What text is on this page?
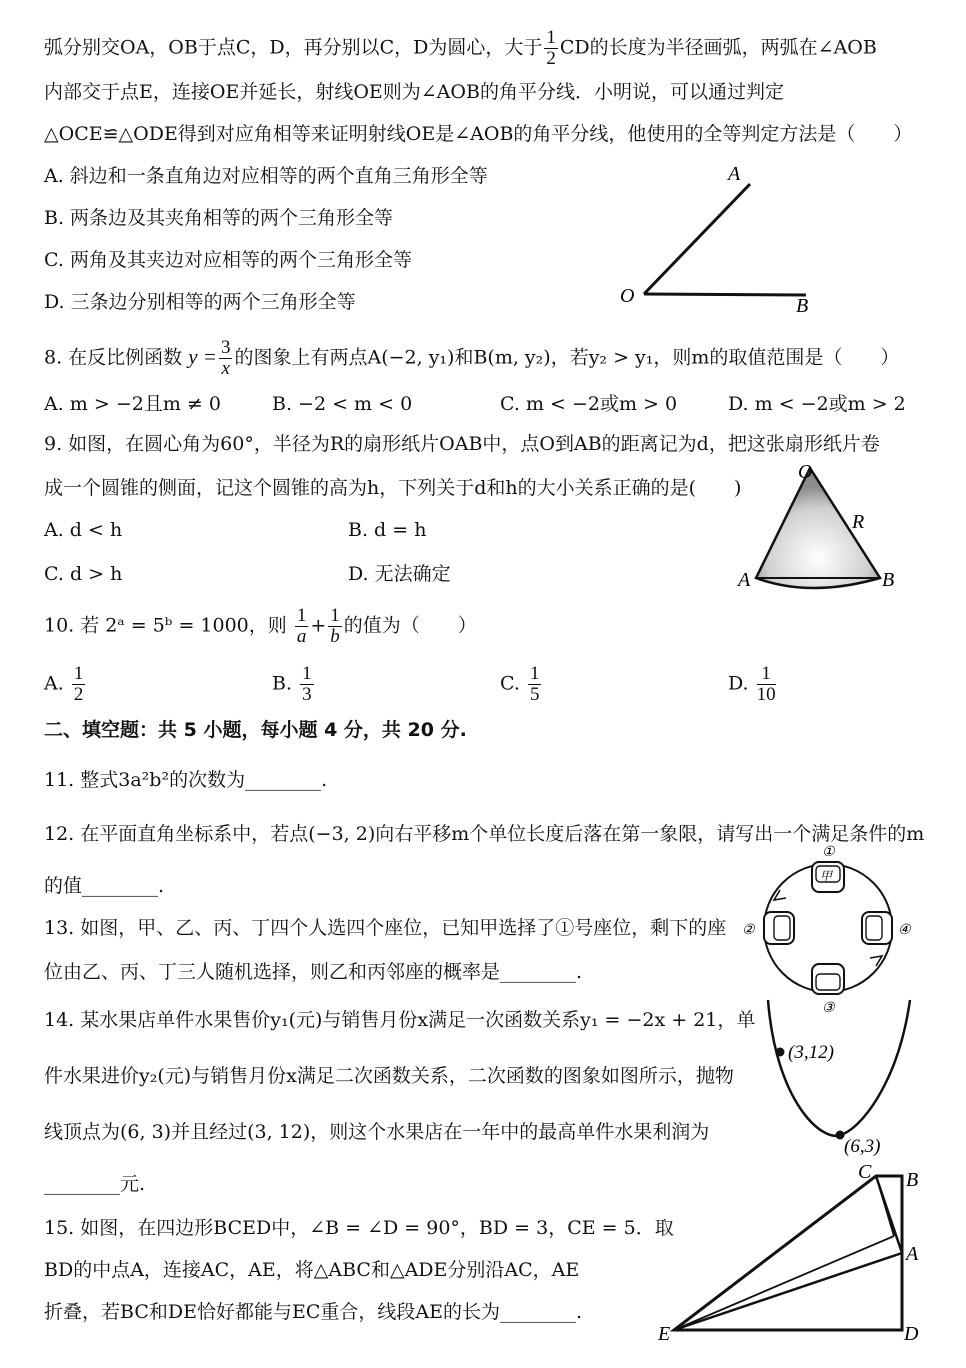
弧分别交OA，OB于点C，D，再分别以C，D为圆心，大于 $\frac{1}{2}$ CD的长度为半径画弧，两弧在∠AOB
内部交于点E，连接OE并延长，射线OE则为∠AOB的角平分线．小明说，可以通过判定
△OCE≌△ODE得到对应角相等来证明射线OE是∠AOB的角平分线，他使用的全等判定方法是（　　）
A. 斜边和一条直角边对应相等的两个直角三角形全等
B. 两条边及其夹角相等的两个三角形全等
C. 两角及其夹边对应相等的两个三角形全等
D. 三条边分别相等的两个三角形全等
A
O	B
8. 在反比例函数 $y = \frac{3}{x}$ 的图象上有两点A(−2, y₁)和B(m, y₂)，若y₂ > y₁，则m的取值范围是（　　）
A. m > −2且m ≠ 0	B. −2 < m < 0	C. m < −2或m > 0	D. m < −2或m > 2
9. 如图，在圆心角为60°，半径为R的扇形纸片OAB中，点O到AB的距离记为d，把这张扇形纸片卷
成一个圆锥的侧面，记这个圆锥的高为h，下列关于d和h的大小关系正确的是(　　)
A. d < h	B. d = h
C. d > h	D. 无法确定
O
R
A	B
10. 若 2ᵃ = 5ᵇ = 1000，则 $\frac{1}{a} + \frac{1}{b}$ 的值为（　　）
A. $\frac{1}{2}$	B. $\frac{1}{3}$	C. $\frac{1}{5}$	D. $\frac{1}{10}$
二、填空题：共 5 小题，每小题 4 分，共 20 分.
11. 整式3a²b²的次数为________.
12. 在平面直角坐标系中，若点(−3, 2)向右平移m个单位长度后落在第一象限，请写出一个满足条件的m
的值________.
13. 如图，甲、乙、丙、丁四个人选四个座位，已知甲选择了①号座位，剩下的座
位由乙、丙、丁三人随机选择，则乙和丙邻座的概率是________.
甲
①
②
③
④
14. 某水果店单件水果售价y₁(元)与销售月份x满足一次函数关系y₁ = −2x + 21，单
件水果进价y₂(元)与销售月份x满足二次函数关系，二次函数的图象如图所示，抛物
线顶点为(6, 3)并且经过(3, 12)，则这个水果店在一年中的最高单件水果利润为
________元.
(3,12)
(6,3)
15. 如图，在四边形BCED中，∠B = ∠D = 90°，BD = 3，CE = 5．取
BD的中点A，连接AC，AE，将△ABC和△ADE分别沿AC，AE
折叠，若BC和DE恰好都能与EC重合，线段AE的长为________.
C B
A
E	D
